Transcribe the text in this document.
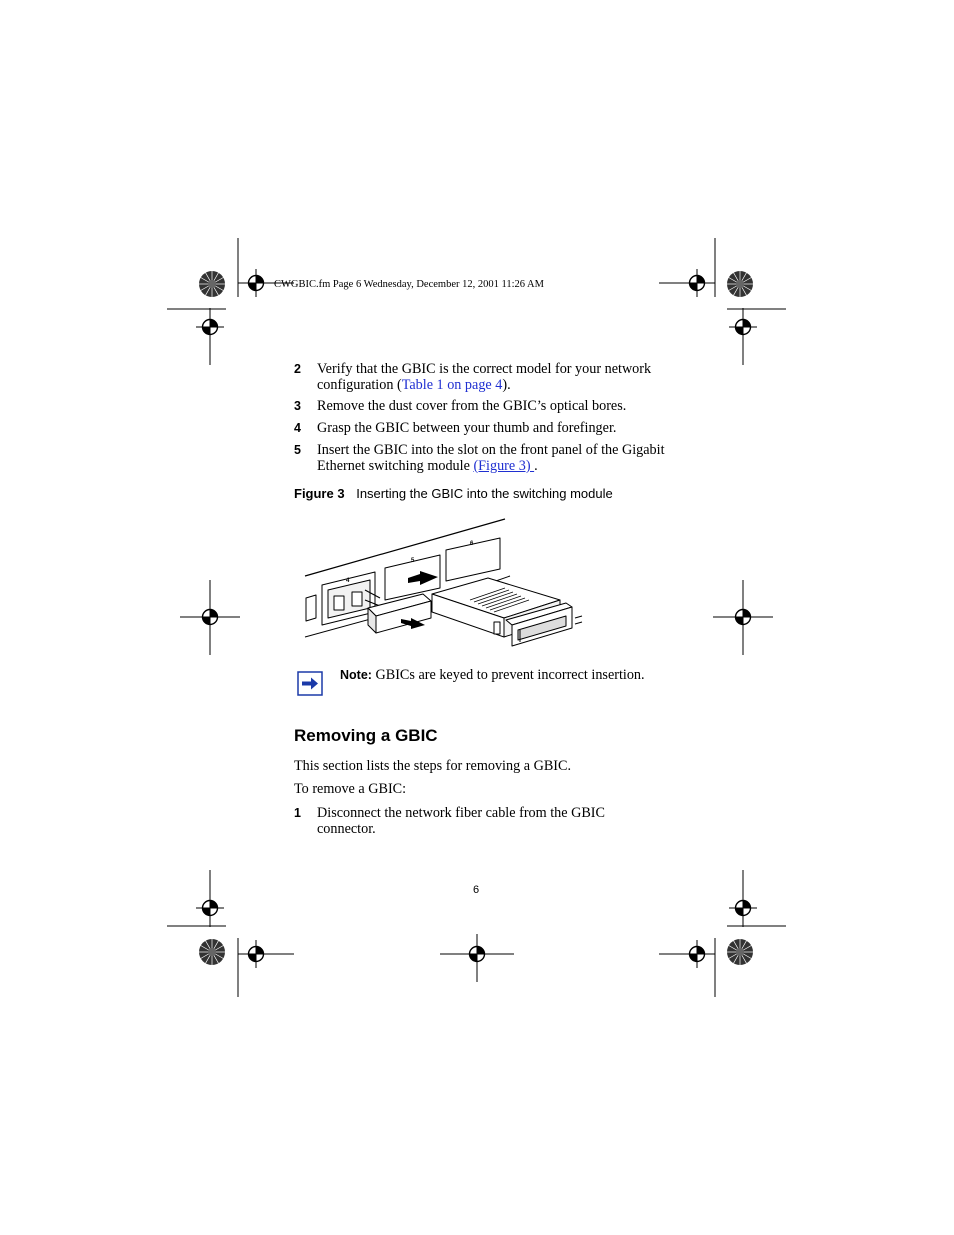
CWGBIC.fm Page 6 Wednesday, December 12, 2001 11:26 AM
2 Verify that the GBIC is the correct model for your network configuration (Table 1 on page 4).
3 Remove the dust cover from the GBIC’s optical bores.
4 Grasp the GBIC between your thumb and forefinger.
5 Insert the GBIC into the slot on the front panel of the Gigabit Ethernet switching module (Figure 3) .
Figure 3 Inserting the GBIC into the switching module
4
5
6
Note: GBICs are keyed to prevent incorrect insertion.
Removing a GBIC
This section lists the steps for removing a GBIC.
To remove a GBIC:
1 Disconnect the network fiber cable from the GBIC connector.
6
